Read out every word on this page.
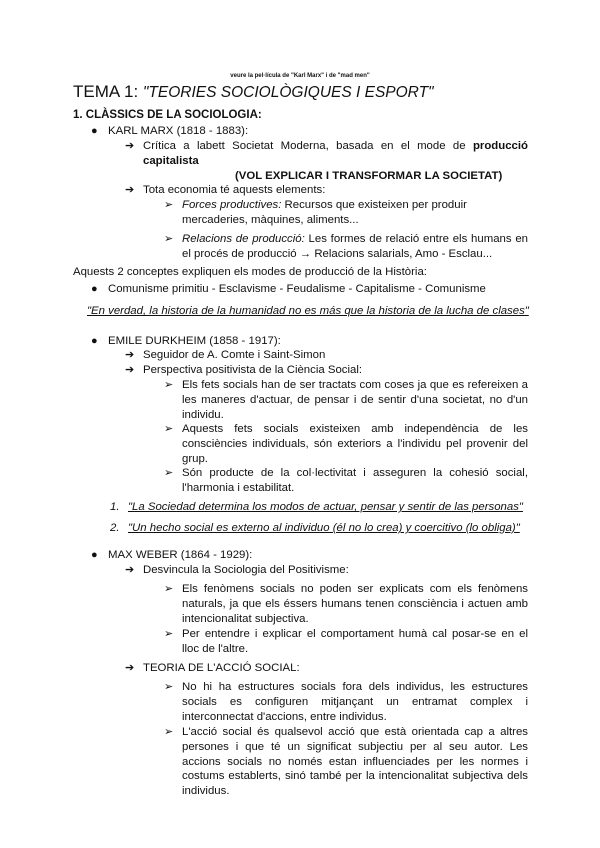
veure la pel·lícula de "Karl Marx" i de "mad men"
TEMA 1: "TEORIES SOCIOLÒGIQUES I ESPORT"
1. CLÀSSICS DE LA SOCIOLOGIA:
● KARL MARX (1818 - 1883):
➔ Crítica a labett Societat Moderna, basada en el mode de producció capitalista
(VOL EXPLICAR I TRANSFORMAR LA SOCIETAT)
➔ Tota economia té aquests elements:
➢ Forces productives: Recursos que existeixen per produir mercaderies, màquines, aliments...
➢ Relacions de producció: Les formes de relació entre els humans en el procés de producció → Relacions salarials, Amo - Esclau...
Aquests 2 conceptes expliquen els modes de producció de la Història:
● Comunisme primitiu - Esclavisme - Feudalisme - Capitalisme - Comunisme
"En verdad, la historia de la humanidad no es más que la historia de la lucha de clases"
● EMILE DURKHEIM (1858 - 1917):
➔ Seguidor de A. Comte i Saint-Simon
➔ Perspectiva positivista de la Ciència Social:
➢ Els fets socials han de ser tractats com coses ja que es refereixen a les maneres d'actuar, de pensar i de sentir d'una societat, no d'un individu.
➢ Aquests fets socials existeixen amb independència de les consciències individuals, són exteriors a l'individu pel provenir del grup.
➢ Són producte de la col·lectivitat i asseguren la cohesió social, l'harmonia i estabilitat.
1. "La Sociedad determina los modos de actuar, pensar y sentir de las personas"
2. "Un hecho social es externo al individuo (él no lo crea) y coercitivo (lo obliga)"
● MAX WEBER (1864 - 1929):
➔ Desvincula la Sociologia del Positivisme:
➢ Els fenòmens socials no poden ser explicats com els fenòmens naturals, ja que els éssers humans tenen consciència i actuen amb intencionalitat subjectiva.
➢ Per entendre i explicar el comportament humà cal posar-se en el lloc de l'altre.
➔ TEORIA DE L'ACCIÓ SOCIAL:
➢ No hi ha estructures socials fora dels individus, les estructures socials es configuren mitjançant un entramat complex i interconnectat d'accions, entre individus.
➢ L'acció social és qualsevol acció que està orientada cap a altres persones i que té un significat subjectiu per al seu autor. Les accions socials no només estan influenciades per les normes i costums establerts, sinó també per la intencionalitat subjectiva dels individus.
